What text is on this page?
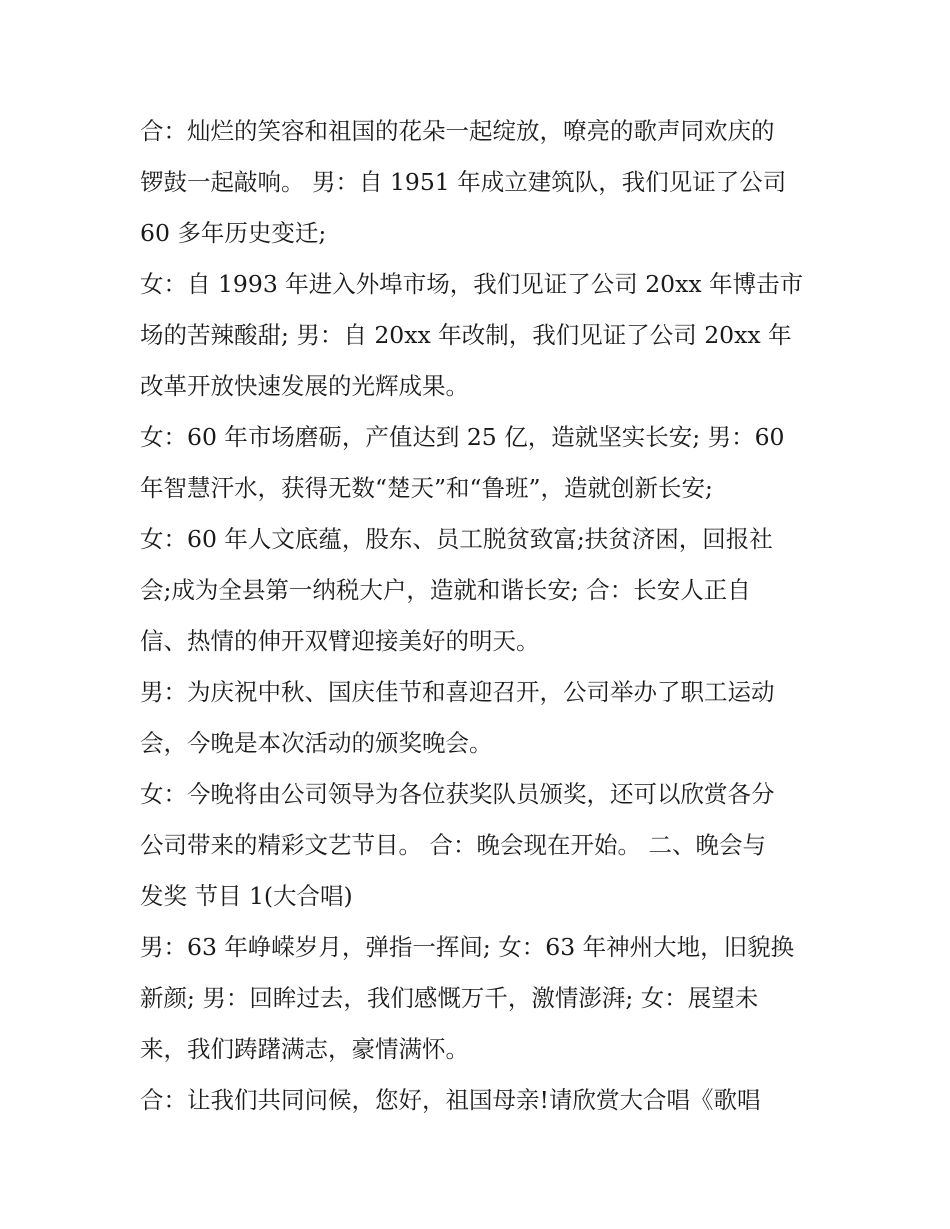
合：灿烂的笑容和祖国的花朵一起绽放，嘹亮的歌声同欢庆的
锣鼓一起敲响。 男：自 1951 年成立建筑队，我们见证了公司
60 多年历史变迁;
女：自 1993 年进入外埠市场，我们见证了公司 20xx 年博击市
场的苦辣酸甜; 男：自 20xx 年改制，我们见证了公司 20xx 年
改革开放快速发展的光辉成果。
女：60 年市场磨砺，产值达到 25 亿，造就坚实长安; 男：60
年智慧汗水，获得无数“楚天”和“鲁班”，造就创新长安;
女：60 年人文底蕴，股东、员工脱贫致富;扶贫济困，回报社
会;成为全县第一纳税大户，造就和谐长安; 合：长安人正自
信、热情的伸开双臂迎接美好的明天。
男：为庆祝中秋、国庆佳节和喜迎召开，公司举办了职工运动
会，今晚是本次活动的颁奖晚会。
女：今晚将由公司领导为各位获奖队员颁奖，还可以欣赏各分
公司带来的精彩文艺节目。 合：晚会现在开始。 二、晚会与
发奖 节目 1(大合唱)
男：63 年峥嵘岁月，弹指一挥间; 女：63 年神州大地，旧貌换
新颜; 男：回眸过去，我们感慨万千，激情澎湃; 女：展望未
来，我们踌躇满志，豪情满怀。
合：让我们共同问候，您好，祖国母亲!请欣赏大合唱《歌唱
